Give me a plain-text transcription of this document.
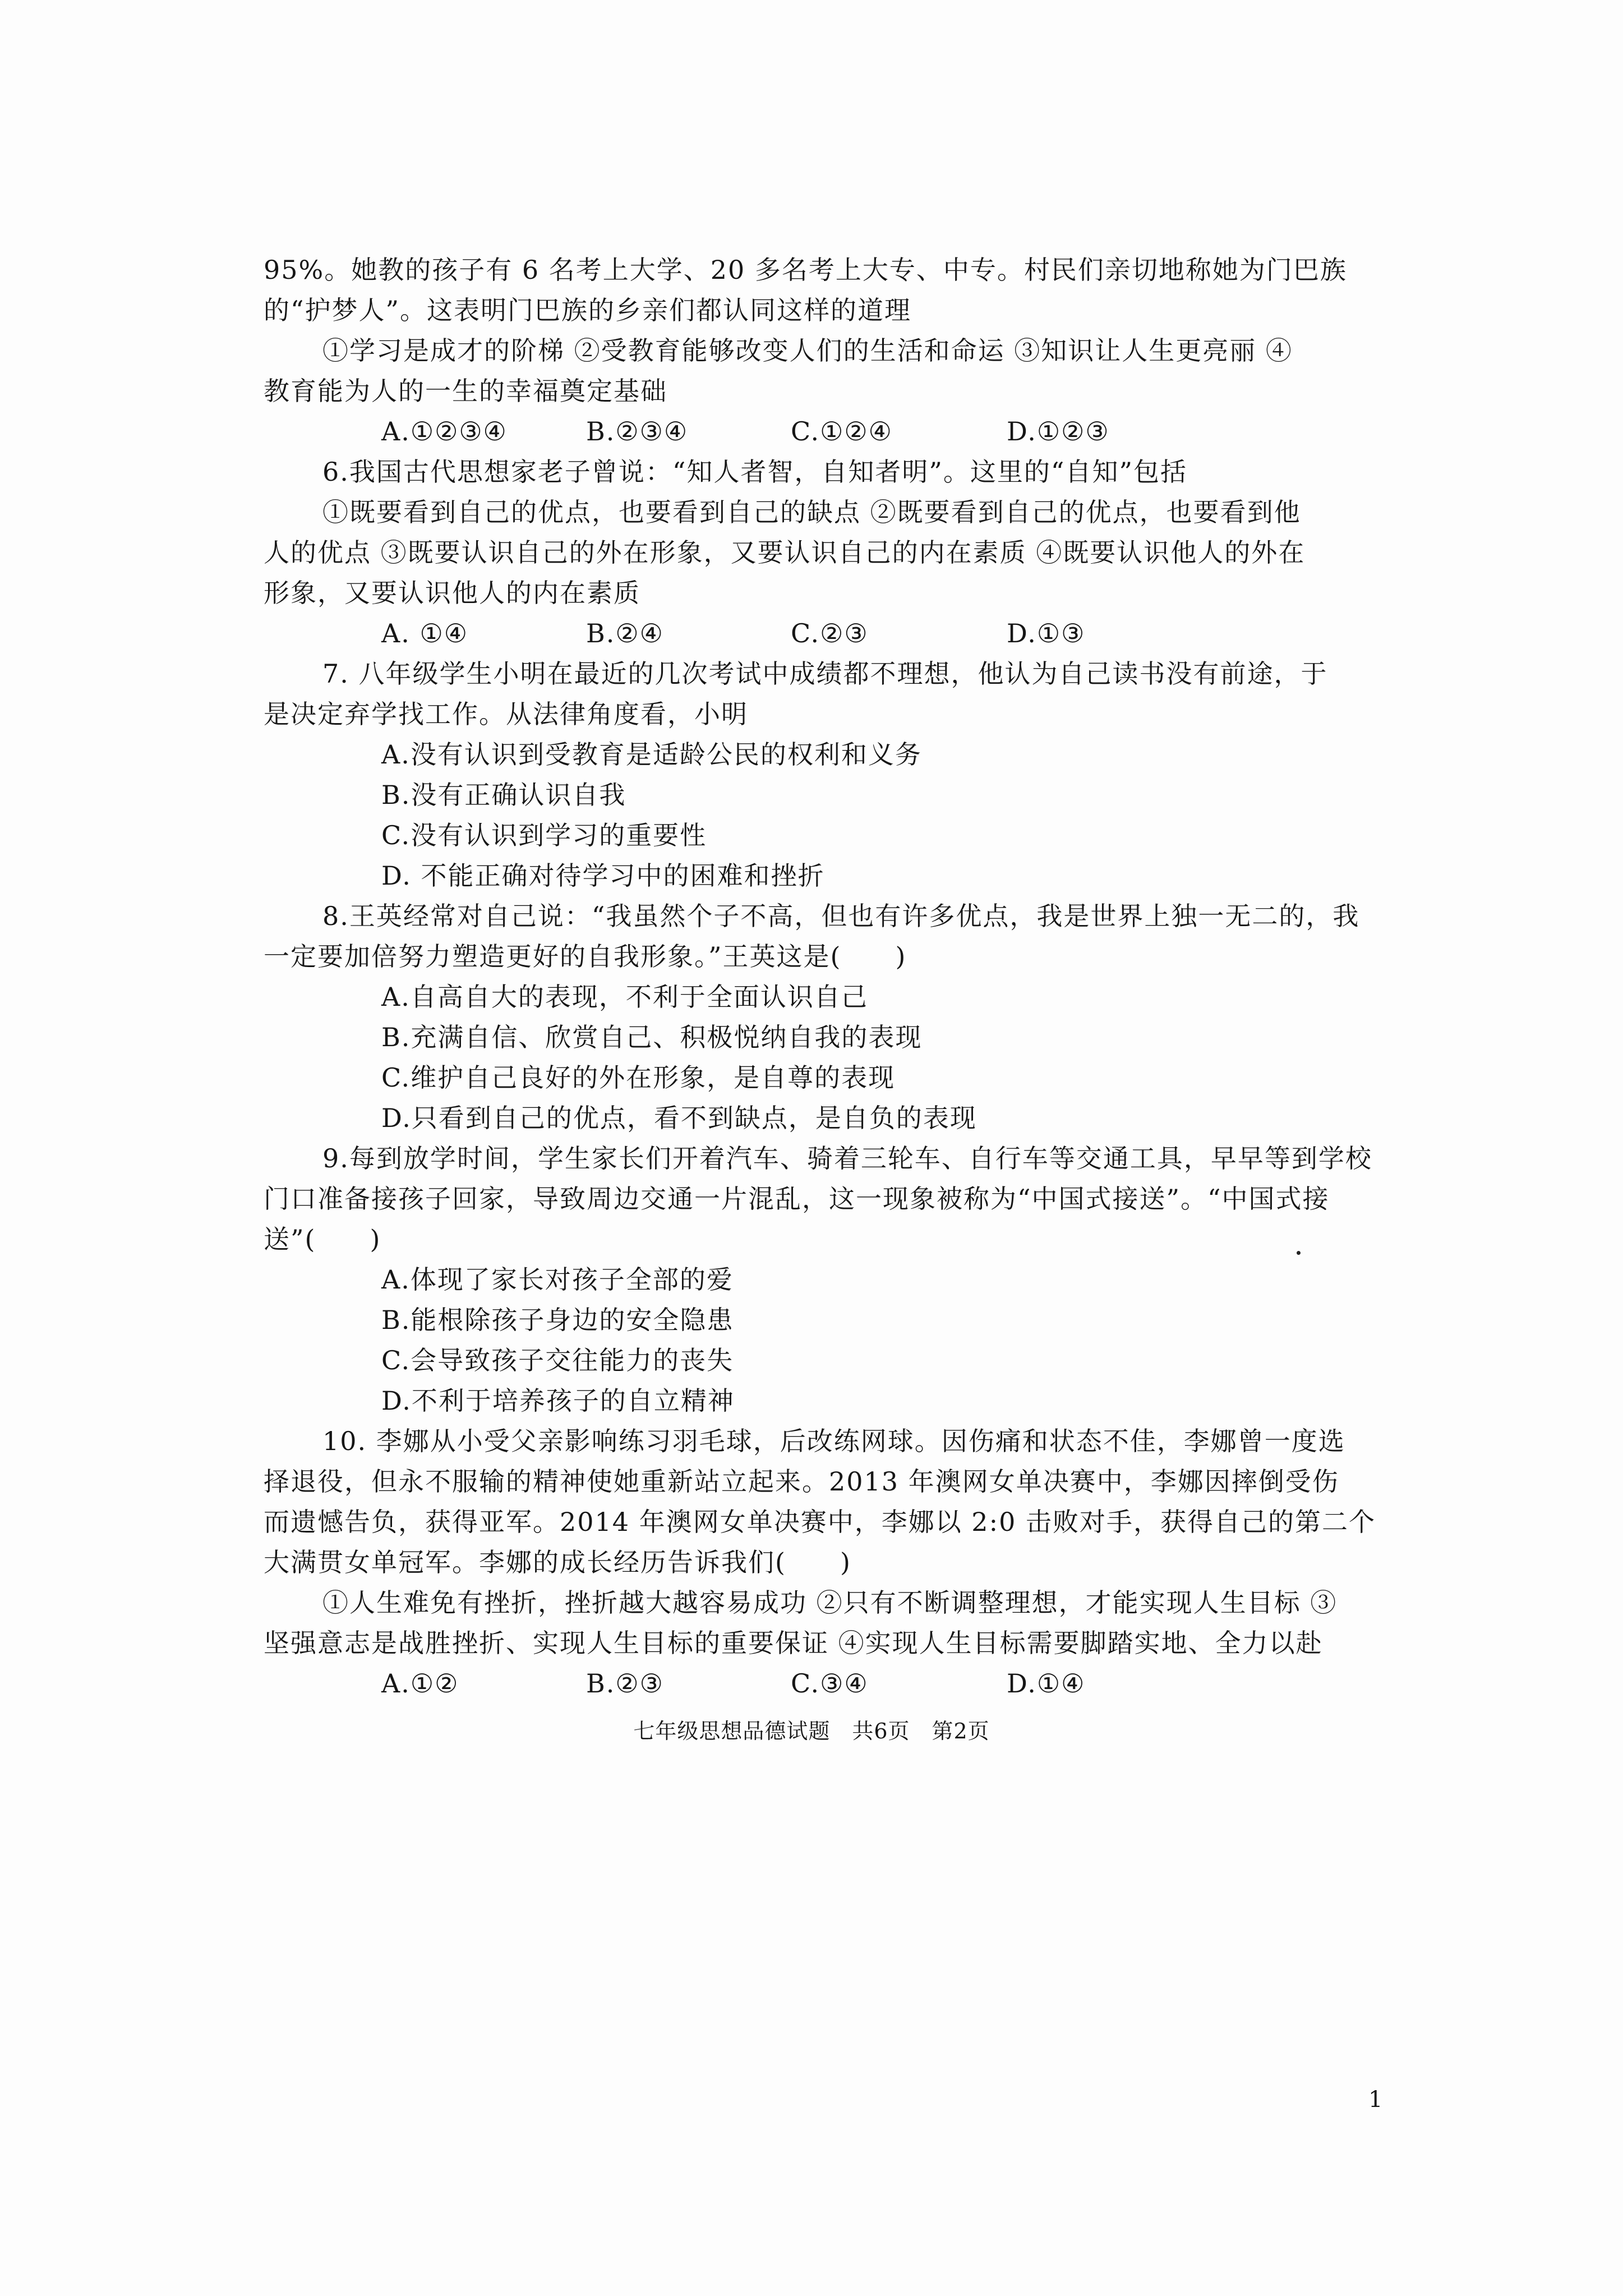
95%。她教的孩子有 6 名考上大学、20 多名考上大专、中专。村民们亲切地称她为门巴族
的“护梦人”。这表明门巴族的乡亲们都认同这样的道理
①学习是成才的阶梯 ②受教育能够改变人们的生活和命运 ③知识让人生更亮丽 ④
教育能为人的一生的幸福奠定基础
A.①②③④	B.②③④	C.①②④	D.①②③
6.我国古代思想家老子曾说：“知人者智，自知者明”。这里的“自知”包括
①既要看到自己的优点，也要看到自己的缺点 ②既要看到自己的优点，也要看到他
人的优点 ③既要认识自己的外在形象，又要认识自己的内在素质 ④既要认识他人的外在
形象，又要认识他人的内在素质
A. ①④	B.②④	C.②③	D.①③
7. 八年级学生小明在最近的几次考试中成绩都不理想，他认为自己读书没有前途，于
是决定弃学找工作。从法律角度看，小明
A.没有认识到受教育是适龄公民的权利和义务
B.没有正确认识自我
C.没有认识到学习的重要性
D. 不能正确对待学习中的困难和挫折
8.王英经常对自己说：“我虽然个子不高，但也有许多优点，我是世界上独一无二的，我
一定要加倍努力塑造更好的自我形象。”王英这是(　　)
A.自高自大的表现，不利于全面认识自己
B.充满自信、欣赏自己、积极悦纳自我的表现
C.维护自己良好的外在形象，是自尊的表现
D.只看到自己的优点，看不到缺点，是自负的表现
9.每到放学时间，学生家长们开着汽车、骑着三轮车、自行车等交通工具，早早等到学校
门口准备接孩子回家，导致周边交通一片混乱，这一现象被称为“中国式接送”。“中国式接
送”(　　)
A.体现了家长对孩子全部的爱
B.能根除孩子身边的安全隐患
C.会导致孩子交往能力的丧失
D.不利于培养孩子的自立精神
10. 李娜从小受父亲影响练习羽毛球，后改练网球。因伤痛和状态不佳，李娜曾一度选
择退役，但永不服输的精神使她重新站立起来。2013 年澳网女单决赛中，李娜因摔倒受伤
而遗憾告负，获得亚军。2014 年澳网女单决赛中，李娜以 2:0 击败对手，获得自己的第二个
大满贯女单冠军。李娜的成长经历告诉我们(　　)
①人生难免有挫折，挫折越大越容易成功 ②只有不断调整理想，才能实现人生目标 ③
坚强意志是战胜挫折、实现人生目标的重要保证 ④实现人生目标需要脚踏实地、全力以赴
A.①②	B.②③	C.③④	D.①④
七年级思想品德试题　共6页　第2页
1
